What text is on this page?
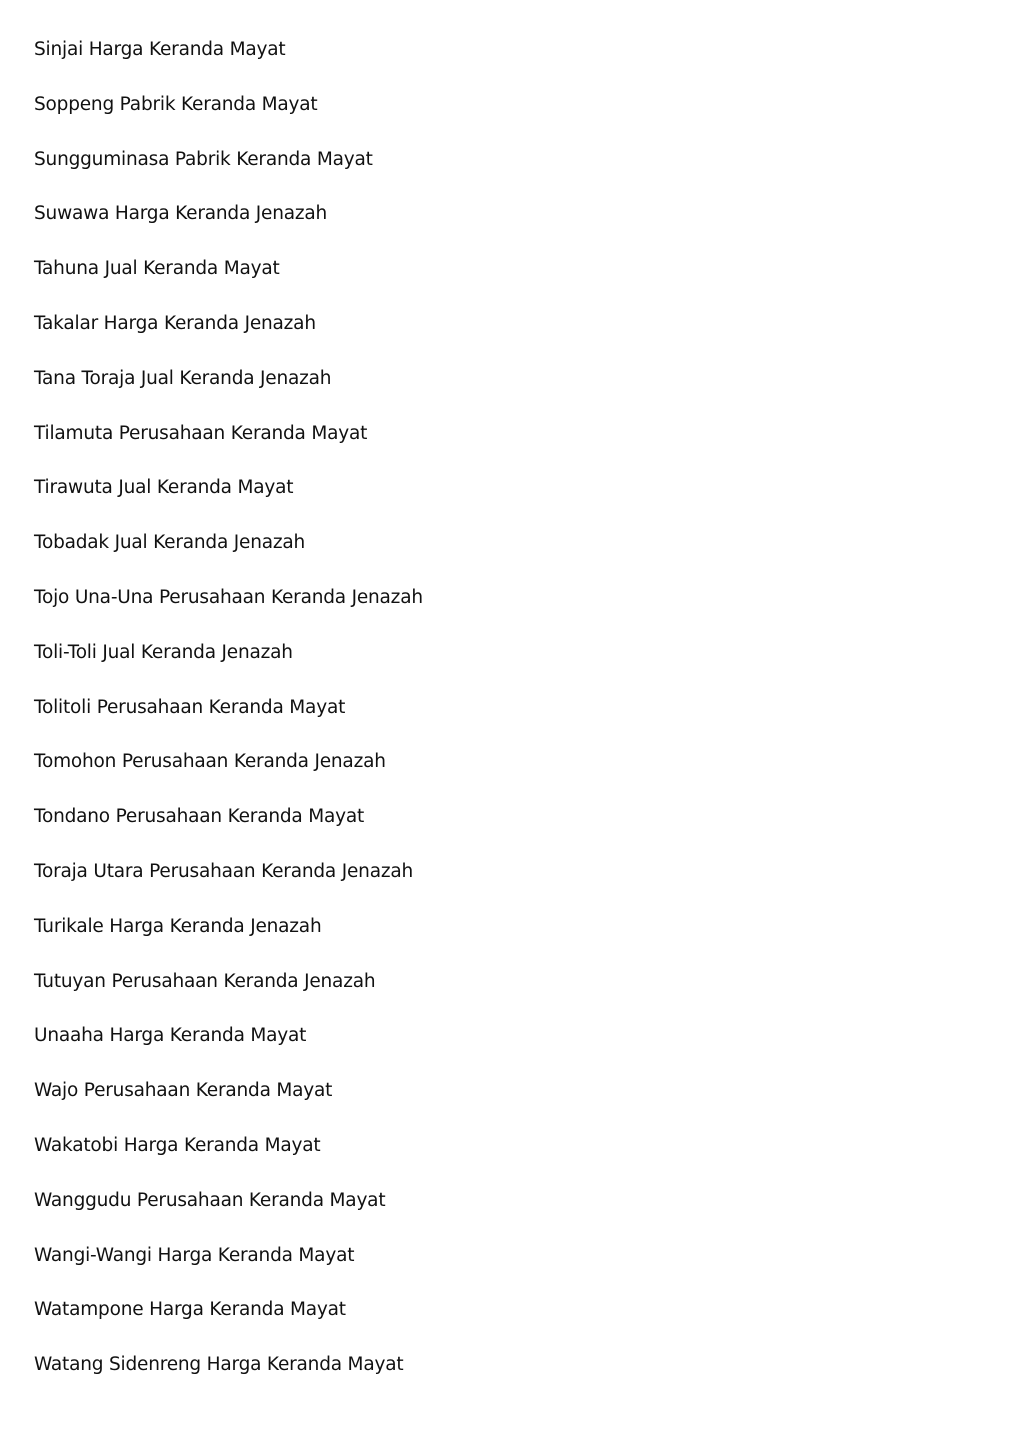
Sinjai Harga Keranda Mayat
Soppeng Pabrik Keranda Mayat
Sungguminasa Pabrik Keranda Mayat
Suwawa Harga Keranda Jenazah
Tahuna Jual Keranda Mayat
Takalar Harga Keranda Jenazah
Tana Toraja Jual Keranda Jenazah
Tilamuta Perusahaan Keranda Mayat
Tirawuta Jual Keranda Mayat
Tobadak Jual Keranda Jenazah
Tojo Una-Una Perusahaan Keranda Jenazah
Toli-Toli Jual Keranda Jenazah
Tolitoli Perusahaan Keranda Mayat
Tomohon Perusahaan Keranda Jenazah
Tondano Perusahaan Keranda Mayat
Toraja Utara Perusahaan Keranda Jenazah
Turikale Harga Keranda Jenazah
Tutuyan Perusahaan Keranda Jenazah
Unaaha Harga Keranda Mayat
Wajo Perusahaan Keranda Mayat
Wakatobi Harga Keranda Mayat
Wanggudu Perusahaan Keranda Mayat
Wangi-Wangi Harga Keranda Mayat
Watampone Harga Keranda Mayat
Watang Sidenreng Harga Keranda Mayat
